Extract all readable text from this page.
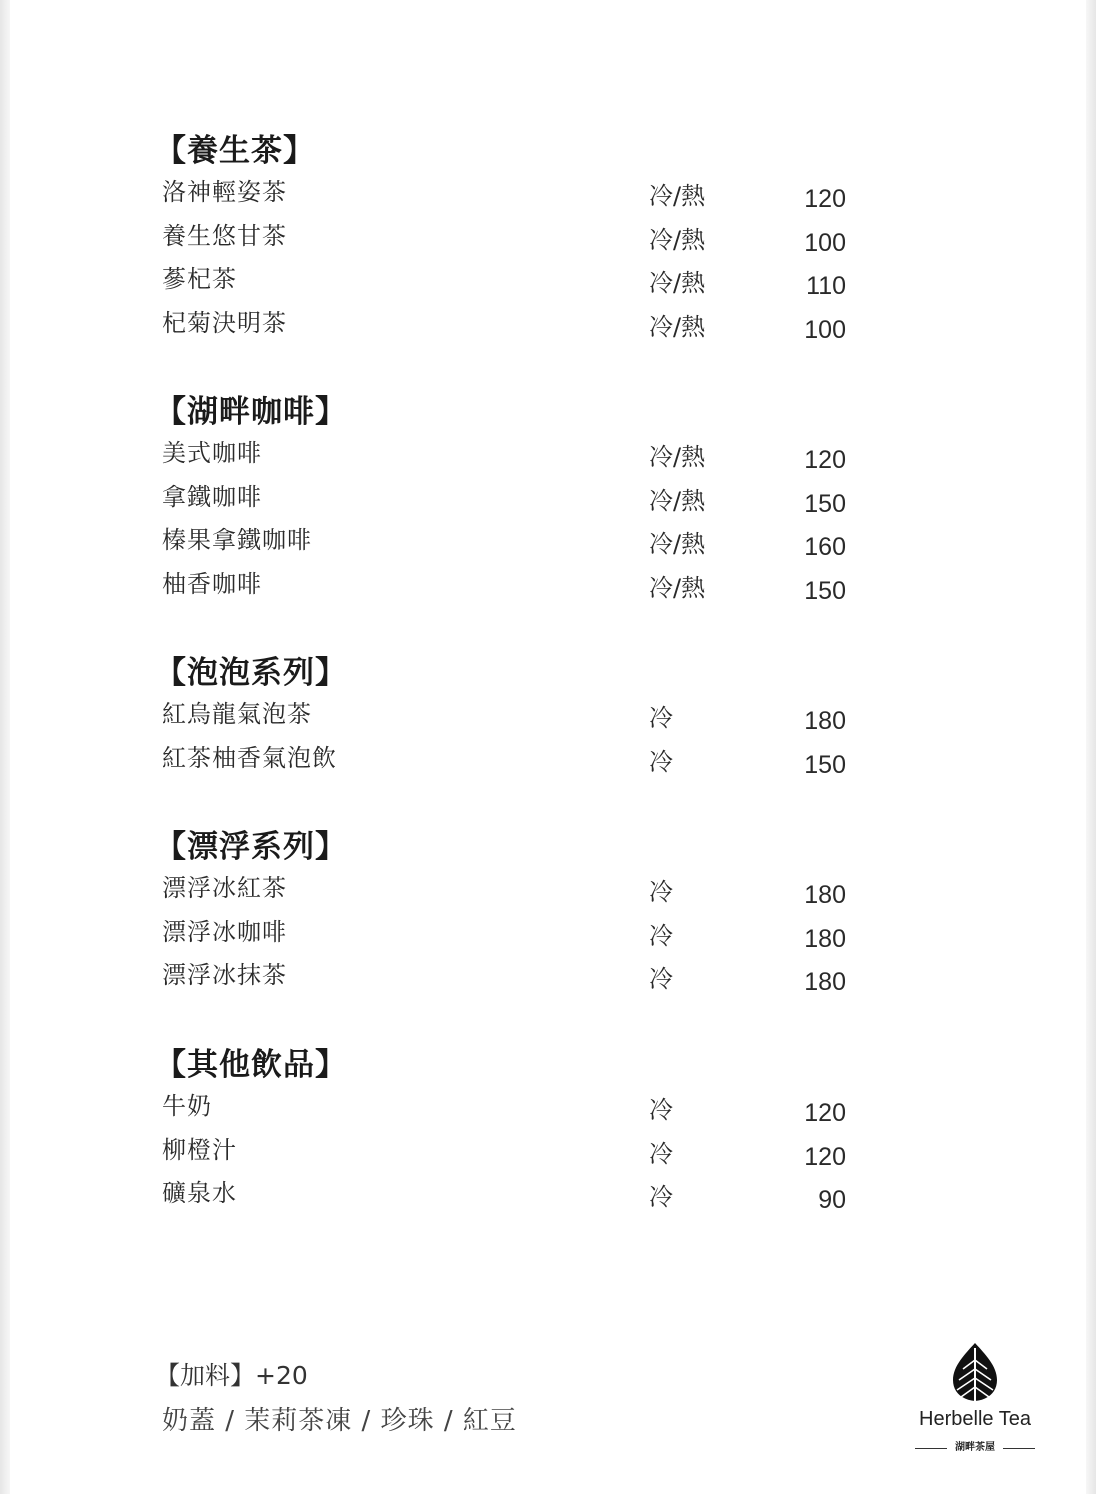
【養生茶】
洛神輕姿茶	冷/熱	120
養生悠甘茶	冷/熱	100
蔘杞茶	冷/熱	110
杞菊決明茶	冷/熱	100
【湖畔咖啡】
美式咖啡	冷/熱	120
拿鐵咖啡	冷/熱	150
榛果拿鐵咖啡	冷/熱	160
柚香咖啡	冷/熱	150
【泡泡系列】
紅烏龍氣泡茶	冷	180
紅茶柚香氣泡飲	冷	150
【漂浮系列】
漂浮冰紅茶	冷	180
漂浮冰咖啡	冷	180
漂浮冰抹茶	冷	180
【其他飲品】
牛奶	冷	120
柳橙汁	冷	120
礦泉水	冷	90
【加料】+20
奶蓋 / 茉莉茶凍 / 珍珠 / 紅豆	Herbelle Tea
湖畔茶屋
